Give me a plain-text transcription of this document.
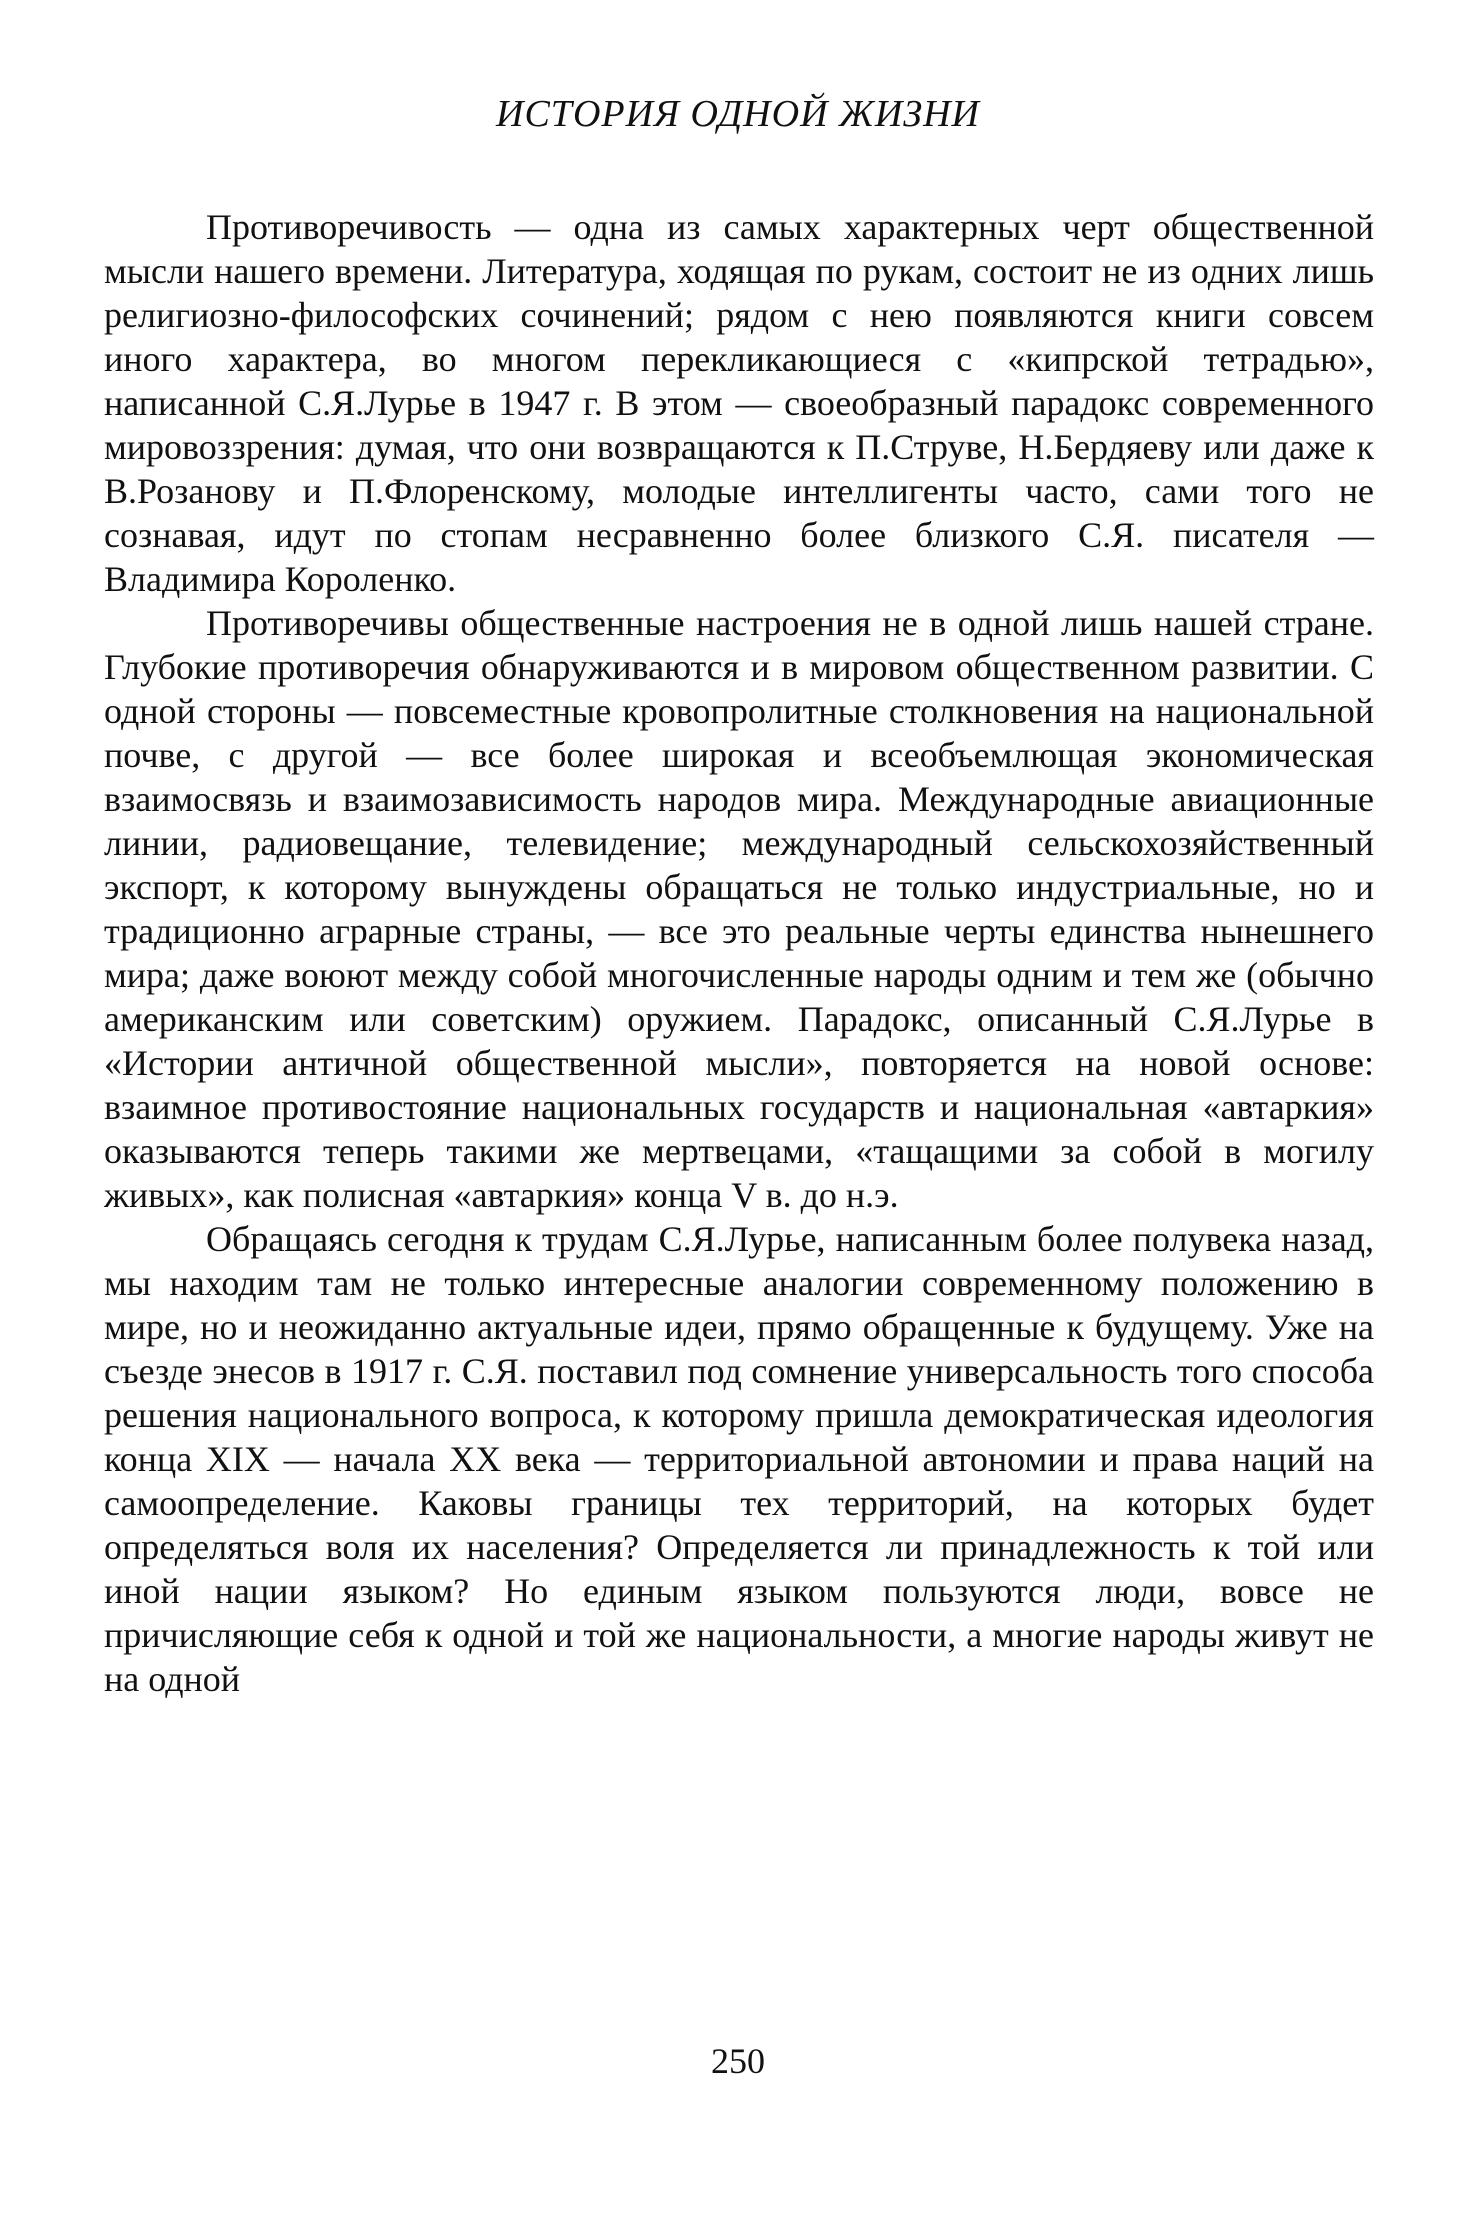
ИСТОРИЯ ОДНОЙ ЖИЗНИ

Противоречивость — одна из самых характерных черт общественной мысли нашего времени. Литература, ходящая по рукам, состоит не из одних лишь религиозно-философских сочинений; рядом с нею появляются книги совсем иного характера, во многом перекликающиеся с «кипрской тетрадью», написанной С.Я.Лурье в 1947 г. В этом — своеобразный парадокс современного мировоззрения: думая, что они возвращаются к П.Струве, Н.Бердяеву или даже к В.Розанову и П.Флоренскому, молодые интеллигенты часто, сами того не сознавая, идут по стопам несравненно более близкого С.Я. писателя — Владимира Короленко.

Противоречивы общественные настроения не в одной лишь нашей стране. Глубокие противоречия обнаруживаются и в мировом общественном развитии. С одной стороны — повсеместные кровопролитные столкновения на национальной почве, с другой — все более широкая и всеобъемлющая экономическая взаимосвязь и взаимозависимость народов мира. Международные авиационные линии, радиовещание, телевидение; международный сельскохозяйственный экспорт, к которому вынуждены обращаться не только индустриальные, но и традиционно аграрные страны, — все это реальные черты единства нынешнего мира; даже воюют между собой многочисленные народы одним и тем же (обычно американским или советским) оружием. Парадокс, описанный С.Я.Лурье в «Истории античной общественной мысли», повторяется на новой основе: взаимное противостояние национальных государств и национальная «автаркия» оказываются теперь такими же мертвецами, «тащащими за собой в могилу живых», как полисная «автаркия» конца V в. до н.э.

Обращаясь сегодня к трудам С.Я.Лурье, написанным более полувека назад, мы находим там не только интересные аналогии современному положению в мире, но и неожиданно актуальные идеи, прямо обращенные к будущему. Уже на съезде энесов в 1917 г. С.Я. поставил под сомнение универсальность того способа решения национального вопроса, к которому пришла демократическая идеология конца XIX — начала XX века — территориальной автономии и права наций на самоопределение. Каковы границы тех территорий, на которых будет определяться воля их населения? Определяется ли принадлежность к той или иной нации языком? Но единым языком пользуются люди, вовсе не причисляющие себя к одной и той же национальности, а многие народы живут не на одной

250
